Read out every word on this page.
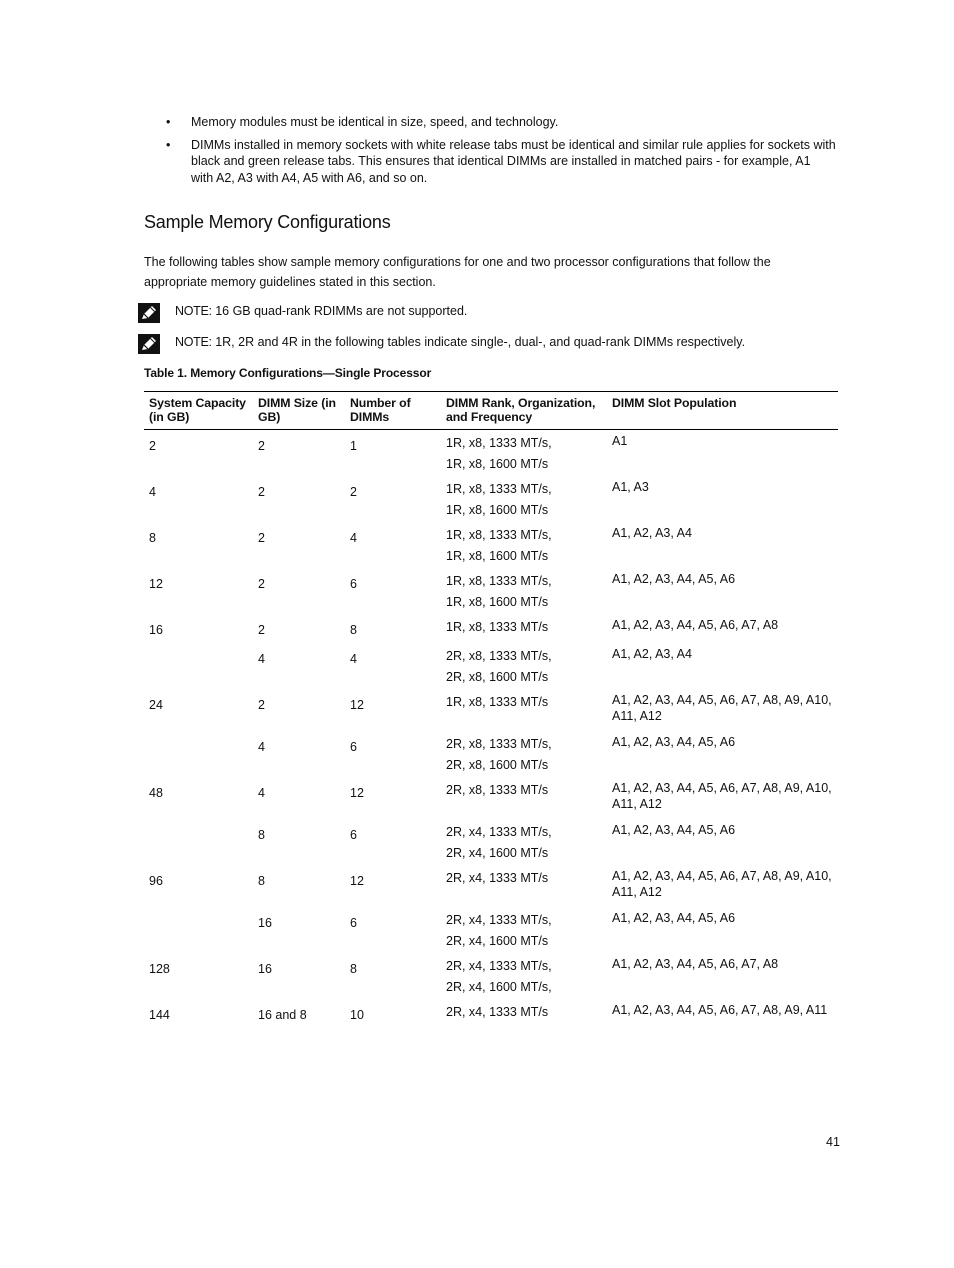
• Memory modules must be identical in size, speed, and technology.
• DIMMs installed in memory sockets with white release tabs must be identical and similar rule applies for sockets with black and green release tabs. This ensures that identical DIMMs are installed in matched pairs - for example, A1 with A2, A3 with A4, A5 with A6, and so on.
Sample Memory Configurations

The following tables show sample memory configurations for one and two processor configurations that follow the appropriate memory guidelines stated in this section.

NOTE: 16 GB quad-rank RDIMMs are not supported.
NOTE: 1R, 2R and 4R in the following tables indicate single-, dual-, and quad-rank DIMMs respectively.

Table 1. Memory Configurations—Single Processor

System Capacity (in GB)	DIMM Size (in GB)	Number of DIMMs	DIMM Rank, Organization, and Frequency	DIMM Slot Population
2	2	1	1R, x8, 1333 MT/s,
1R, x8, 1600 MT/s	A1
4	2	2	1R, x8, 1333 MT/s,
1R, x8, 1600 MT/s	A1, A3
8	2	4	1R, x8, 1333 MT/s,
1R, x8, 1600 MT/s	A1, A2, A3, A4
12	2	6	1R, x8, 1333 MT/s,
1R, x8, 1600 MT/s	A1, A2, A3, A4, A5, A6
16	2	8	1R, x8, 1333 MT/s	A1, A2, A3, A4, A5, A6, A7, A8
	4	4	2R, x8, 1333 MT/s,
2R, x8, 1600 MT/s	A1, A2, A3, A4
24	2	12	1R, x8, 1333 MT/s	A1, A2, A3, A4, A5, A6, A7, A8, A9, A10, A11, A12
	4	6	2R, x8, 1333 MT/s,
2R, x8, 1600 MT/s	A1, A2, A3, A4, A5, A6
48	4	12	2R, x8, 1333 MT/s	A1, A2, A3, A4, A5, A6, A7, A8, A9, A10, A11, A12
	8	6	2R, x4, 1333 MT/s,
2R, x4, 1600 MT/s	A1, A2, A3, A4, A5, A6
96	8	12	2R, x4, 1333 MT/s	A1, A2, A3, A4, A5, A6, A7, A8, A9, A10, A11, A12
	16	6	2R, x4, 1333 MT/s,
2R, x4, 1600 MT/s	A1, A2, A3, A4, A5, A6
128	16	8	2R, x4, 1333 MT/s,
2R, x4, 1600 MT/s,	A1, A2, A3, A4, A5, A6, A7, A8
144	16 and 8	10	2R, x4, 1333 MT/s	A1, A2, A3, A4, A5, A6, A7, A8, A9, A11
41
